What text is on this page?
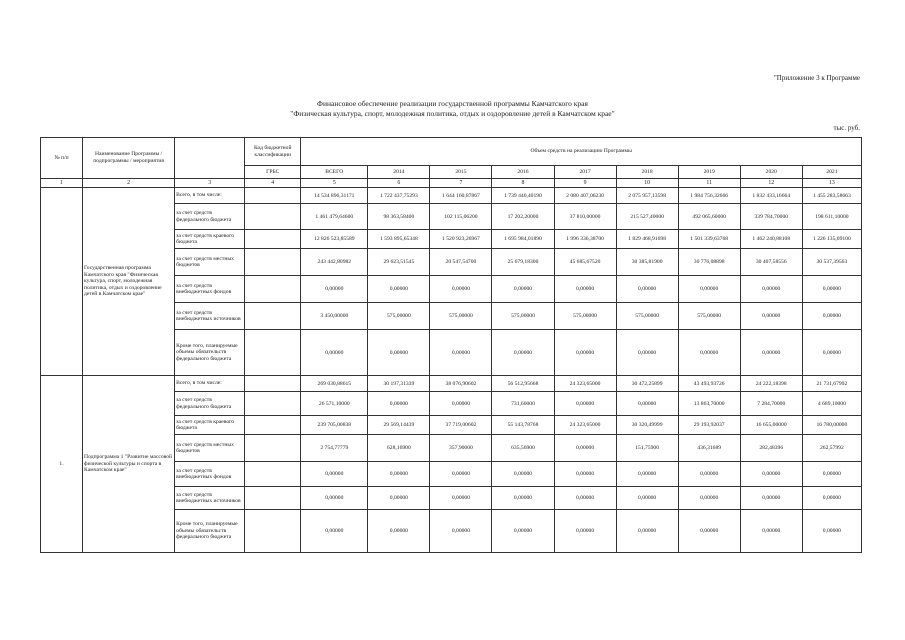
"Приложение 3 к Программе
Финансовое обеспечение реализации государственной программы Камчатского края
"Физическая культура, спорт, молодежная политика, отдых и оздоровление детей в Камчатском крае"
тыс. руб.
№ п/п	Наименование Программы / подпрограммы / мероприятия		Код бюджетной классификации	Объем средств на реализацию Программы								
			ГРБС	ВСЕГО	2014	2015	2016	2017	2018	2019	2020	2021
1	2	3	4	5	6	7	8	9	10	11	12	13
	Государственная программа Камчатского края "Физическая культура, спорт, молодежная политика, отдых и оздоровление детей в Камчатском крае"	Всего, в том числе:		14 534 896,31171	1 722 437,75293	1 644 160,87867	1 739 440,40190	2 080 407,06230	2 075 957,13598	1 984 756,32666	1 832 433,16664	1 455 283,58663
		за счет средств федерального бюджета		1 461 479,64600	98 363,58400	102 115,06200	17 202,20000	37 810,00000	215 527,40000	492 065,60000	339 784,70000	198 611,10000
		за счет средств краевого бюджета		12 826 523,85589	1 593 895,65348	1 520 923,26967	1 695 984,01890	1 996 336,38700	1 829 468,91698	1 501 339,63768	1 462 240,88108	1 226 135,09100
		за счет средств местных бюджетов		243 442,80982	29 623,51545	20 547,54700	25 679,18300	45 685,67520	30 385,81900	30 776,08898	30 407,58556	30 537,39563
		за счет средств внебюджетных фондов		0,00000	0,00000	0,00000	0,00000	0,00000	0,00000	0,00000	0,00000	0,00000
		за счет средств внебюджетных источников		3 450,00000	575,00000	575,00000	575,00000	575,00000	575,00000	575,00000	0,00000	0,00000
		Кроме того, планируемые объемы обязательств федерального бюджета		0,00000	0,00000	0,00000	0,00000	0,00000	0,00000	0,00000	0,00000	0,00000
1.	Подпрограмма 1 "Развитие массовой физической культуры и спорта в Камчатском крае"	Всего, в том числе:		269 030,88615	30 197,31339	38 076,90602	56 512,95668	24 323,65000	30 472,25899	43 493,93726	24 222,18398	21 731,67992
		за счет средств федерального бюджета		26 571,10000	0,00000	0,00000	731,60000	0,00000	0,00000	13 863,70000	7 284,70000	4 689,10000
		за счет средств краевого бюджета		239 705,00838	29 569,14439	37 719,00602	55 143,78768	24 323,65000	30 320,49999	29 193,92037	16 655,00000	16 780,00000
		за счет средств местных бюджетов		2 754,77779	628,16900	357,90000	635,56900	0,00000	151,75900	436,31689	282,48396	262,57992
		за счет средств внебюджетных фондов		0,00000	0,00000	0,00000	0,00000	0,00000	0,00000	0,00000	0,00000	0,00000
		за счет средств внебюджетных источников		0,00000	0,00000	0,00000	0,00000	0,00000	0,00000	0,00000	0,00000	0,00000
		Кроме того, планируемые объемы обязательств федерального бюджета		0,00000	0,00000	0,00000	0,00000	0,00000	0,00000	0,00000	0,00000	0,00000
